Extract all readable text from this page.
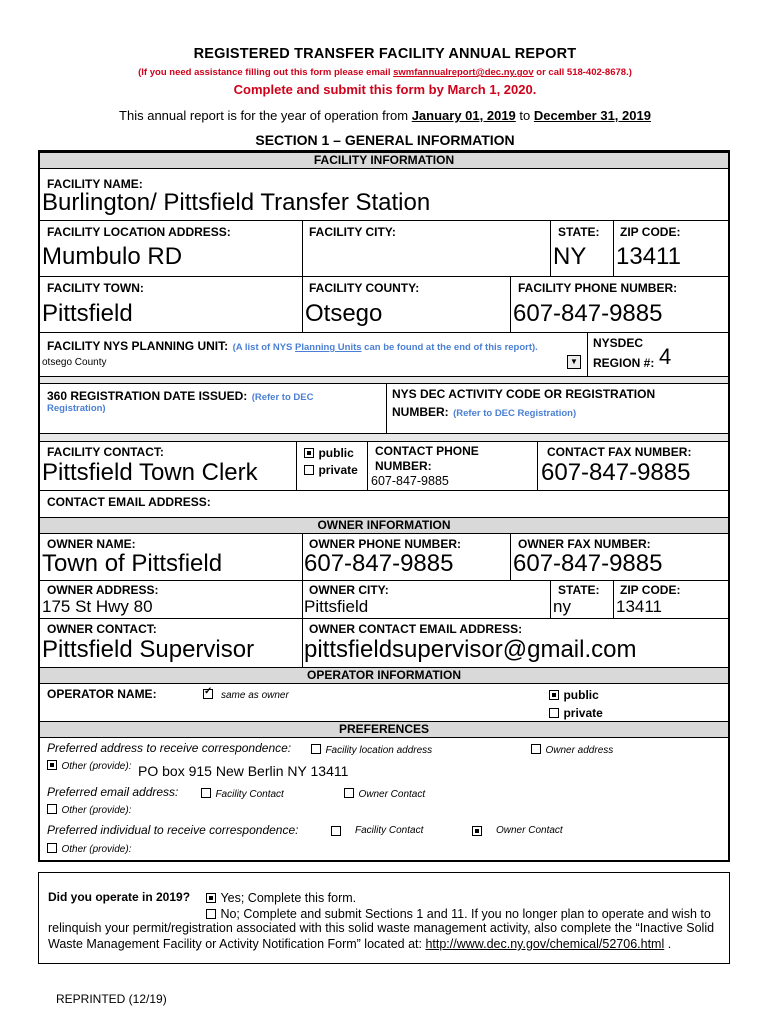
REGISTERED TRANSFER FACILITY ANNUAL REPORT
(If you need assistance filling out this form please email swmfannualreport@dec.ny.gov or call 518-402-8678.)
Complete and submit this form by March 1, 2020.
This annual report is for the year of operation from January 01, 2019 to December 31, 2019
SECTION 1 – GENERAL INFORMATION
FACILITY INFORMATION
FACILITY NAME:
Burlington/ Pittsfield Transfer Station
FACILITY LOCATION ADDRESS:
Mumbulo RD
FACILITY CITY:	STATE:
NY
ZIP CODE:
13411
FACILITY TOWN:
Pittsfield
FACILITY COUNTY:
Otsego
FACILITY PHONE NUMBER:
607-847-9885
FACILITY NYS PLANNING UNIT: (A list of NYS Planning Units can be found at the end of this report).
otsego County	▼
NYSDEC
REGION #: 4
360 REGISTRATION DATE ISSUED: (Refer to DEC
Registration)
NYS DEC ACTIVITY CODE OR REGISTRATION
NUMBER: (Refer to DEC Registration)
FACILITY CONTACT:
Pittsfield Town Clerk
public
private
CONTACT PHONE
NUMBER:
607-847-9885
CONTACT FAX NUMBER:
607-847-9885
CONTACT EMAIL ADDRESS:
OWNER INFORMATION
OWNER NAME:
Town of Pittsfield
OWNER PHONE NUMBER:
607-847-9885
OWNER FAX NUMBER:
607-847-9885
OWNER ADDRESS:
175 St Hwy 80
OWNER CITY:
Pittsfield
STATE:
ny
ZIP CODE:
13411
OWNER CONTACT:
Pittsfield Supervisor
OWNER CONTACT EMAIL ADDRESS:
pittsfieldsupervisor@gmail.com
OPERATOR INFORMATION
OPERATOR NAME:
✓	same as owner	public
private
PREFERENCES
Preferred address to receive correspondence:	Facility location address	Owner address
Other (provide): PO box 915 New Berlin NY 13411
Preferred email address:	Facility Contact	Owner Contact
Other (provide):
Preferred individual to receive correspondence:	Facility Contact	Owner Contact
Other (provide):
Did you operate in 2019?	Yes; Complete this form.
No; Complete and submit Sections 1 and 11. If you no longer plan to operate and wish to
relinquish your permit/registration associated with this solid waste management activity, also complete the “Inactive Solid
Waste Management Facility or Activity Notification Form” located at: http://www.dec.ny.gov/chemical/52706.html .
REPRINTED (12/19)
